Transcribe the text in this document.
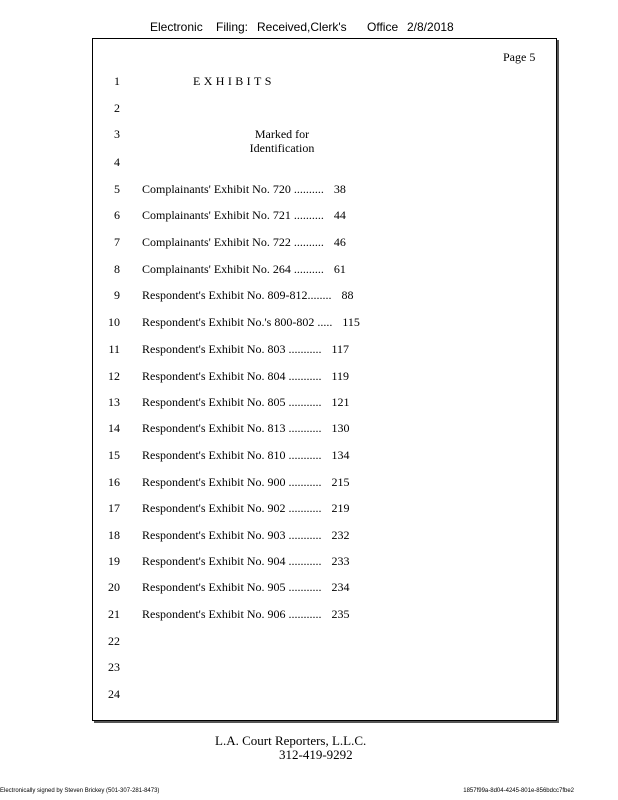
Electronic Filing: Received,Clerk's Office 2/8/2018
Page 5
1
2
3
4
5
6
7
8
9
10
11
12
13
14
15
16
17
18
19
20
21
22
23
24
EXHIBITS
Marked for
Identification
Complainants' Exhibit No. 720 .......... 38
Complainants' Exhibit No. 721 .......... 44
Complainants' Exhibit No. 722 .......... 46
Complainants' Exhibit No. 264 .......... 61
Respondent's Exhibit No. 809-812........ 88
Respondent's Exhibit No.'s 800-802 ..... 115
Respondent's Exhibit No. 803 ........... 117
Respondent's Exhibit No. 804 ........... 119
Respondent's Exhibit No. 805 ........... 121
Respondent's Exhibit No. 813 ........... 130
Respondent's Exhibit No. 810 ........... 134
Respondent's Exhibit No. 900 ........... 215
Respondent's Exhibit No. 902 ........... 219
Respondent's Exhibit No. 903 ........... 232
Respondent's Exhibit No. 904 ........... 233
Respondent's Exhibit No. 905 ........... 234
Respondent's Exhibit No. 906 ........... 235
L.A. Court Reporters, L.L.C.
312-419-9292
Electronically signed by Steven Brickey (501-307-281-8473)	1857f99a-8d04-4245-801e-856bdcc7fbe2
